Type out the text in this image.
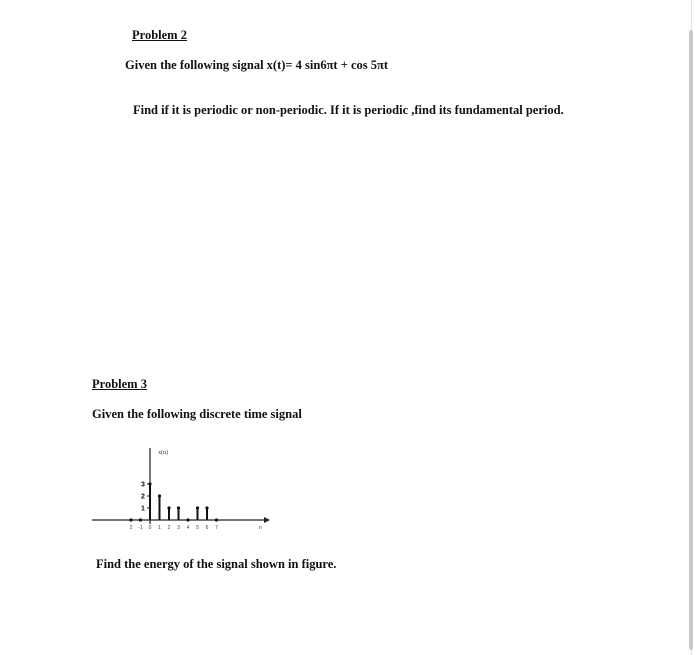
Problem 2
Given the following signal x(t)= 4 sin6πt + cos 5πt
Find if it is periodic or non-periodic. If it is periodic ,find its fundamental period.
Problem 3
Given the following discrete time signal
x(n)
3
2
1
2 -1 0 1 2 3 4 5 6 7	n
Find the energy of the signal shown in figure.
